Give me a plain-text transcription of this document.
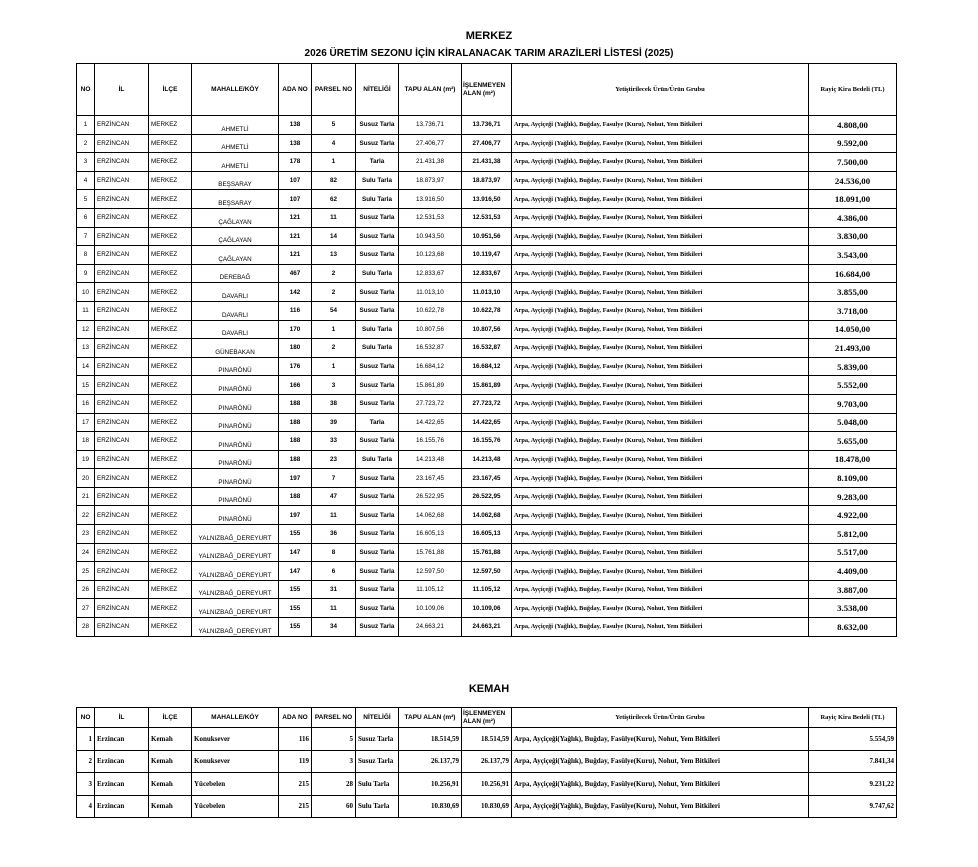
MERKEZ
2026 ÜRETİM SEZONU İÇİN KİRALANACAK TARIM ARAZİLERİ LİSTESİ (2025)
NO	İL	İLÇE	MAHALLE/KÖY	ADA NO	PARSEL NO	NİTELİĞİ	TAPU ALAN (m²)	İŞLENMEYEN
ALAN (m²)	Yetiştirilecek Ürün/Ürün Grubu	Rayiç Kira Bedeli (TL)
1	ERZİNCAN	MERKEZ	AHMETLİ	138	5	Susuz Tarla	13.736,71	13.736,71	Arpa, Ayçiçeği (Yağlık), Buğday, Fasulye (Kuru), Nohut, Yem Bitkileri	4.808,00
2	ERZİNCAN	MERKEZ	AHMETLİ	138	4	Susuz Tarla	27.406,77	27.406,77	Arpa, Ayçiçeği (Yağlık), Buğday, Fasulye (Kuru), Nohut, Yem Bitkileri	9.592,00
3	ERZİNCAN	MERKEZ	AHMETLİ	178	1	Tarla	21.431,38	21.431,38	Arpa, Ayçiçeği (Yağlık), Buğday, Fasulye (Kuru), Nohut, Yem Bitkileri	7.500,00
4	ERZİNCAN	MERKEZ	BEŞSARAY	107	82	Sulu Tarla	18.873,97	18.873,97	Arpa, Ayçiçeği (Yağlık), Buğday, Fasulye (Kuru), Nohut, Yem Bitkileri	24.536,00
5	ERZİNCAN	MERKEZ	BEŞSARAY	107	62	Sulu Tarla	13.916,50	13.916,50	Arpa, Ayçiçeği (Yağlık), Buğday, Fasulye (Kuru), Nohut, Yem Bitkileri	18.091,00
6	ERZİNCAN	MERKEZ	ÇAĞLAYAN	121	11	Susuz Tarla	12.531,53	12.531,53	Arpa, Ayçiçeği (Yağlık), Buğday, Fasulye (Kuru), Nohut, Yem Bitkileri	4.386,00
7	ERZİNCAN	MERKEZ	ÇAĞLAYAN	121	14	Susuz Tarla	10.943,50	10.951,56	Arpa, Ayçiçeği (Yağlık), Buğday, Fasulye (Kuru), Nohut, Yem Bitkileri	3.830,00
8	ERZİNCAN	MERKEZ	ÇAĞLAYAN	121	13	Susuz Tarla	10.123,68	10.119,47	Arpa, Ayçiçeği (Yağlık), Buğday, Fasulye (Kuru), Nohut, Yem Bitkileri	3.543,00
9	ERZİNCAN	MERKEZ	DEREBAĞ	467	2	Sulu Tarla	12.833,67	12.833,67	Arpa, Ayçiçeği (Yağlık), Buğday, Fasulye (Kuru), Nohut, Yem Bitkileri	16.684,00
10	ERZİNCAN	MERKEZ	DAVARLI	142	2	Susuz Tarla	11.013,10	11.013,10	Arpa, Ayçiçeği (Yağlık), Buğday, Fasulye (Kuru), Nohut, Yem Bitkileri	3.855,00
11	ERZİNCAN	MERKEZ	DAVARLI	116	54	Susuz Tarla	10.622,78	10.622,78	Arpa, Ayçiçeği (Yağlık), Buğday, Fasulye (Kuru), Nohut, Yem Bitkileri	3.718,00
12	ERZİNCAN	MERKEZ	DAVARLI	170	1	Sulu Tarla	10.807,56	10.807,56	Arpa, Ayçiçeği (Yağlık), Buğday, Fasulye (Kuru), Nohut, Yem Bitkileri	14.050,00
13	ERZİNCAN	MERKEZ	GÜNEBAKAN	180	2	Sulu Tarla	16.532,87	16.532,87	Arpa, Ayçiçeği (Yağlık), Buğday, Fasulye (Kuru), Nohut, Yem Bitkileri	21.493,00
14	ERZİNCAN	MERKEZ	PINARÖNÜ	176	1	Susuz Tarla	16.684,12	16.684,12	Arpa, Ayçiçeği (Yağlık), Buğday, Fasulye (Kuru), Nohut, Yem Bitkileri	5.839,00
15	ERZİNCAN	MERKEZ	PINARÖNÜ	166	3	Susuz Tarla	15.861,89	15.861,89	Arpa, Ayçiçeği (Yağlık), Buğday, Fasulye (Kuru), Nohut, Yem Bitkileri	5.552,00
16	ERZİNCAN	MERKEZ	PINARÖNÜ	188	38	Susuz Tarla	27.723,72	27.723,72	Arpa, Ayçiçeği (Yağlık), Buğday, Fasulye (Kuru), Nohut, Yem Bitkileri	9.703,00
17	ERZİNCAN	MERKEZ	PINARÖNÜ	188	39	Tarla	14.422,65	14.422,65	Arpa, Ayçiçeği (Yağlık), Buğday, Fasulye (Kuru), Nohut, Yem Bitkileri	5.048,00
18	ERZİNCAN	MERKEZ	PINARÖNÜ	188	33	Susuz Tarla	16.155,76	16.155,76	Arpa, Ayçiçeği (Yağlık), Buğday, Fasulye (Kuru), Nohut, Yem Bitkileri	5.655,00
19	ERZİNCAN	MERKEZ	PINARÖNÜ	188	23	Sulu Tarla	14.213,48	14.213,48	Arpa, Ayçiçeği (Yağlık), Buğday, Fasulye (Kuru), Nohut, Yem Bitkileri	18.478,00
20	ERZİNCAN	MERKEZ	PINARÖNÜ	197	7	Susuz Tarla	23.167,45	23.167,45	Arpa, Ayçiçeği (Yağlık), Buğday, Fasulye (Kuru), Nohut, Yem Bitkileri	8.109,00
21	ERZİNCAN	MERKEZ	PINARÖNÜ	188	47	Susuz Tarla	26.522,95	26.522,95	Arpa, Ayçiçeği (Yağlık), Buğday, Fasulye (Kuru), Nohut, Yem Bitkileri	9.283,00
22	ERZİNCAN	MERKEZ	PINARÖNÜ	197	11	Susuz Tarla	14.062,68	14.062,68	Arpa, Ayçiçeği (Yağlık), Buğday, Fasulye (Kuru), Nohut, Yem Bitkileri	4.922,00
23	ERZİNCAN	MERKEZ	YALNIZBAĞ_DEREYURT	155	36	Susuz Tarla	16.605,13	16.605,13	Arpa, Ayçiçeği (Yağlık), Buğday, Fasulye (Kuru), Nohut, Yem Bitkileri	5.812,00
24	ERZİNCAN	MERKEZ	YALNIZBAĞ_DEREYURT	147	8	Susuz Tarla	15.761,88	15.761,88	Arpa, Ayçiçeği (Yağlık), Buğday, Fasulye (Kuru), Nohut, Yem Bitkileri	5.517,00
25	ERZİNCAN	MERKEZ	YALNIZBAĞ_DEREYURT	147	6	Susuz Tarla	12.597,50	12.597,50	Arpa, Ayçiçeği (Yağlık), Buğday, Fasulye (Kuru), Nohut, Yem Bitkileri	4.409,00
26	ERZİNCAN	MERKEZ	YALNIZBAĞ_DEREYURT	155	31	Susuz Tarla	11.105,12	11.105,12	Arpa, Ayçiçeği (Yağlık), Buğday, Fasulye (Kuru), Nohut, Yem Bitkileri	3.887,00
27	ERZİNCAN	MERKEZ	YALNIZBAĞ_DEREYURT	155	11	Susuz Tarla	10.109,06	10.109,06	Arpa, Ayçiçeği (Yağlık), Buğday, Fasulye (Kuru), Nohut, Yem Bitkileri	3.538,00
28	ERZİNCAN	MERKEZ	YALNIZBAĞ_DEREYURT	155	34	Susuz Tarla	24.663,21	24.663,21	Arpa, Ayçiçeği (Yağlık), Buğday, Fasulye (Kuru), Nohut, Yem Bitkileri	8.632,00
KEMAH
NO	İL	İLÇE	MAHALLE/KÖY	ADA NO	PARSEL NO	NİTELİĞİ	TAPU ALAN (m²)	İŞLENMEYEN
ALAN (m²)	Yetiştirilecek Ürün/Ürün Grubu	Rayiç Kira Bedeli (TL)
1	Erzincan	Kemah	Konuksever	116	5	Susuz Tarla	18.514,59	18.514,59	Arpa, Ayçiçeği(Yağlık), Buğday, Fasülye(Kuru), Nohut, Yem Bitkileri	5.554,59
2	Erzincan	Kemah	Konuksever	119	3	Susuz Tarla	26.137,79	26.137,79	Arpa, Ayçiçeği(Yağlık), Buğday, Fasülye(Kuru), Nohut, Yem Bitkileri	7.841,34
3	Erzincan	Kemah	Yücebelen	215	28	Sulu Tarla	10.256,91	10.256,91	Arpa, Ayçiçeği(Yağlık), Buğday, Fasülye(Kuru), Nohut, Yem Bitkileri	9.231,22
4	Erzincan	Kemah	Yücebelen	215	60	Sulu Tarla	10.830,69	10.830,69	Arpa, Ayçiçeği(Yağlık), Buğday, Fasülye(Kuru), Nohut, Yem Bitkileri	9.747,62
